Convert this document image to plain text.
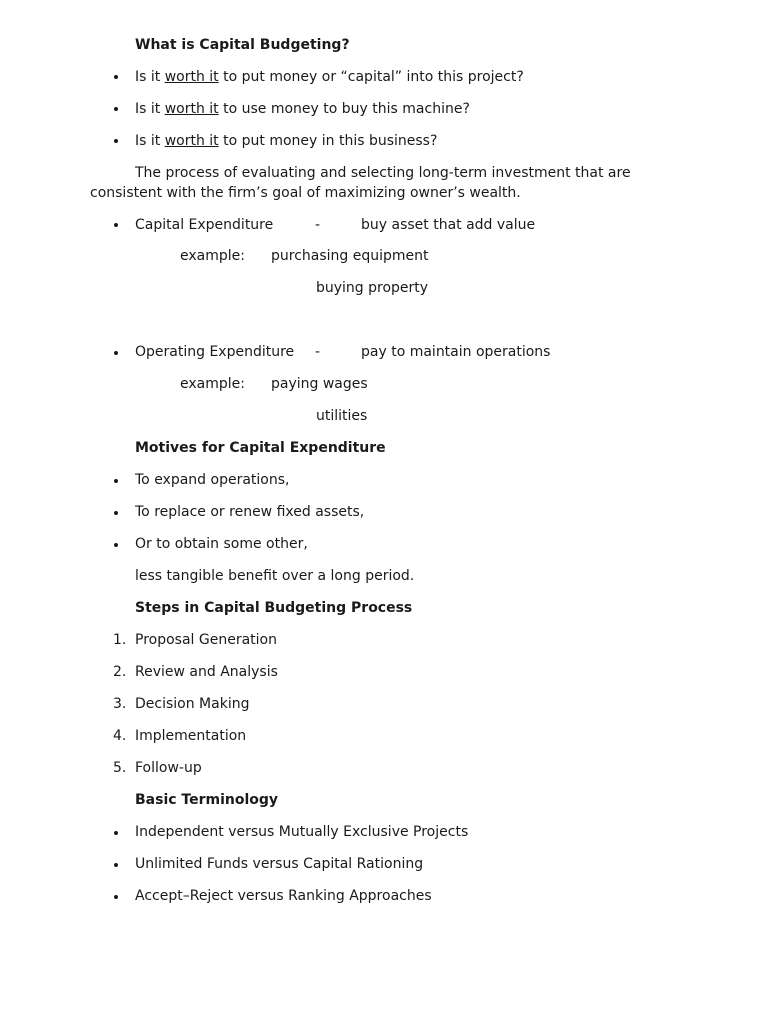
What is Capital Budgeting?
Is it worth it to put money or “capital” into this project?
Is it worth it to use money to buy this machine?
Is it worth it to put money in this business?
The process of evaluating and selecting long-term investment that are
consistent with the firm’s goal of maximizing owner’s wealth.
Capital Expenditure	-	buy asset that add value
example: purchasing equipment
buying property
Operating Expenditure -	pay to maintain operations
example: paying wages
utilities
Motives for Capital Expenditure
To expand operations,
To replace or renew fixed assets,
Or to obtain some other,
less tangible benefit over a long period.
Steps in Capital Budgeting Process
1. Proposal Generation
2. Review and Analysis
3. Decision Making
4. Implementation
5. Follow-up
Basic Terminology
Independent versus Mutually Exclusive Projects
Unlimited Funds versus Capital Rationing
Accept–Reject versus Ranking Approaches
